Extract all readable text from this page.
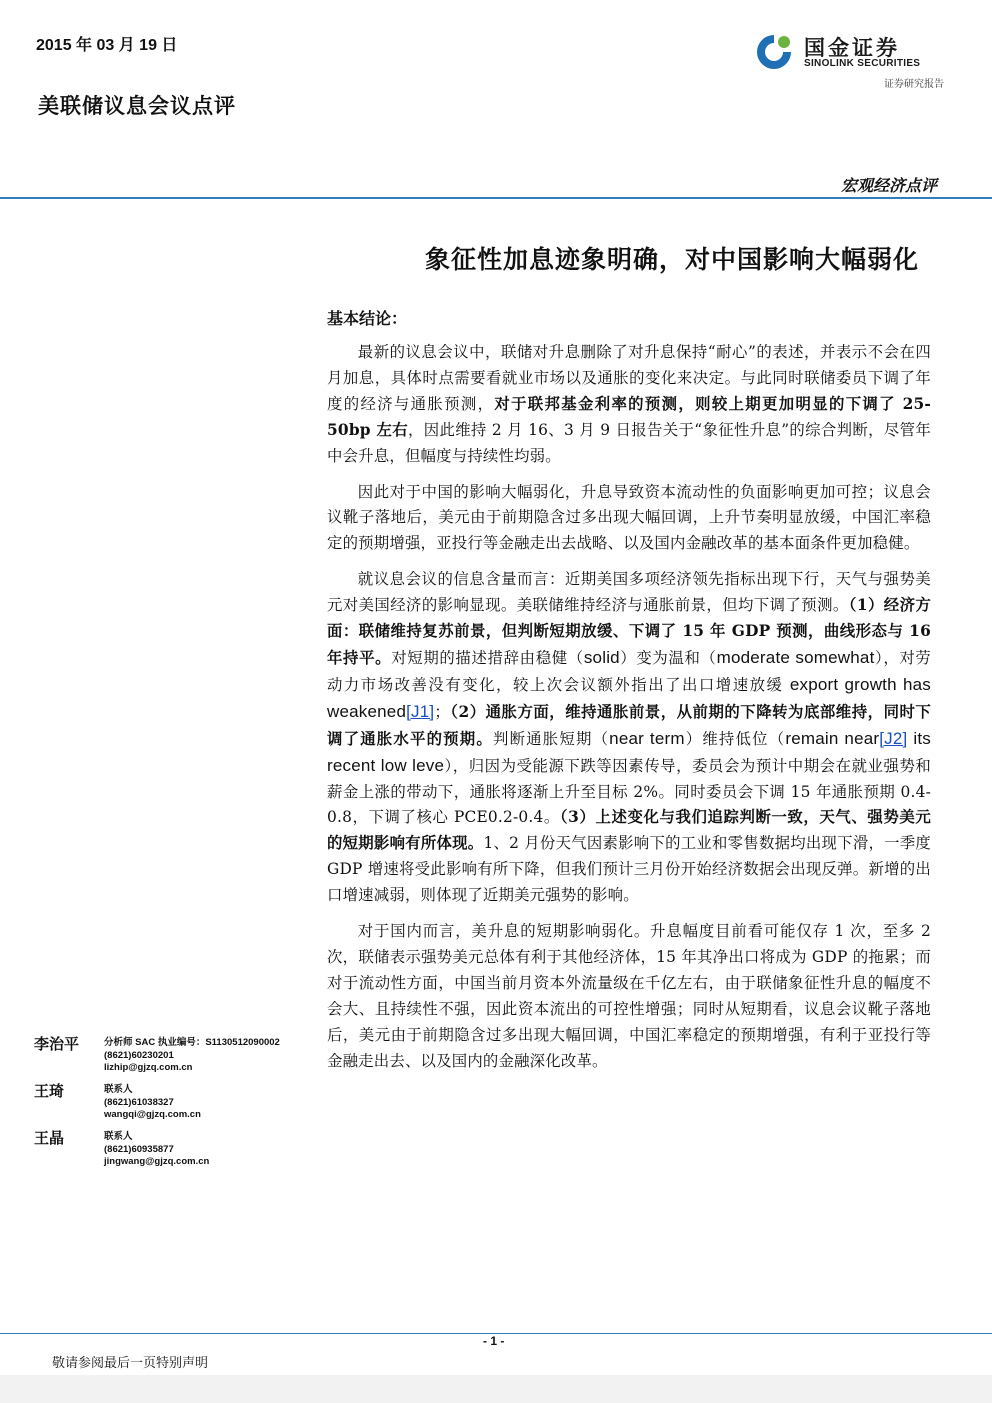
2015 年 03 月 19 日
美联储议息会议点评
国金证券
SINOLINK SECURITIES
证券研究报告
宏观经济点评
象征性加息迹象明确，对中国影响大幅弱化
基本结论：

最新的议息会议中，联储对升息删除了对升息保持“耐心”的表述，并表示不会在四月加息，具体时点需要看就业市场以及通胀的变化来决定。与此同时联储委员下调了年度的经济与通胀预测，对于联邦基金利率的预测，则较上期更加明显的下调了 25-50bp 左右，因此维持 2 月 16、3 月 9 日报告关于“象征性升息”的综合判断，尽管年中会升息，但幅度与持续性均弱。

因此对于中国的影响大幅弱化，升息导致资本流动性的负面影响更加可控；议息会议靴子落地后，美元由于前期隐含过多出现大幅回调，上升节奏明显放缓，中国汇率稳定的预期增强，亚投行等金融走出去战略、以及国内金融改革的基本面条件更加稳健。

就议息会议的信息含量而言：近期美国多项经济领先指标出现下行，天气与强势美元对美国经济的影响显现。美联储维持经济与通胀前景，但均下调了预测。（1）经济方面：联储维持复苏前景，但判断短期放缓、下调了 15 年 GDP 预测，曲线形态与 16 年持平。对短期的描述措辞由稳健（solid）变为温和（moderate somewhat），对劳动力市场改善没有变化，较上次会议额外指出了出口增速放缓 export growth has weakened[J1]；（2）通胀方面，维持通胀前景，从前期的下降转为底部维持，同时下调了通胀水平的预期。判断通胀短期（near term）维持低位（remain near[J2] its recent low leve），归因为受能源下跌等因素传导，委员会为预计中期会在就业强势和薪金上涨的带动下，通胀将逐渐上升至目标 2%。同时委员会下调 15 年通胀预期 0.4-0.8，下调了核心 PCE0.2-0.4。（3）上述变化与我们追踪判断一致，天气、强势美元的短期影响有所体现。1、2 月份天气因素影响下的工业和零售数据均出现下滑，一季度 GDP 增速将受此影响有所下降，但我们预计三月份开始经济数据会出现反弹。新增的出口增速减弱，则体现了近期美元强势的影响。

对于国内而言，美升息的短期影响弱化。升息幅度目前看可能仅存 1 次，至多 2 次，联储表示强势美元总体有利于其他经济体，15 年其净出口将成为 GDP 的拖累；而对于流动性方面，中国当前月资本外流量级在千亿左右，由于联储象征性升息的幅度不会大、且持续性不强，因此资本流出的可控性增强；同时从短期看，议息会议靴子落地后，美元由于前期隐含过多出现大幅回调，中国汇率稳定的预期增强，有利于亚投行等金融走出去、以及国内的金融深化改革。

李治平	分析师 SAC 执业编号：S1130512090002
(8621)60230201
lizhip@gjzq.com.cn
王琦	联系人
(8621)61038327
wangqi@gjzq.com.cn
王晶	联系人
(8621)60935877
jingwang@gjzq.com.cn
- 1 -
敬请参阅最后一页特别声明
